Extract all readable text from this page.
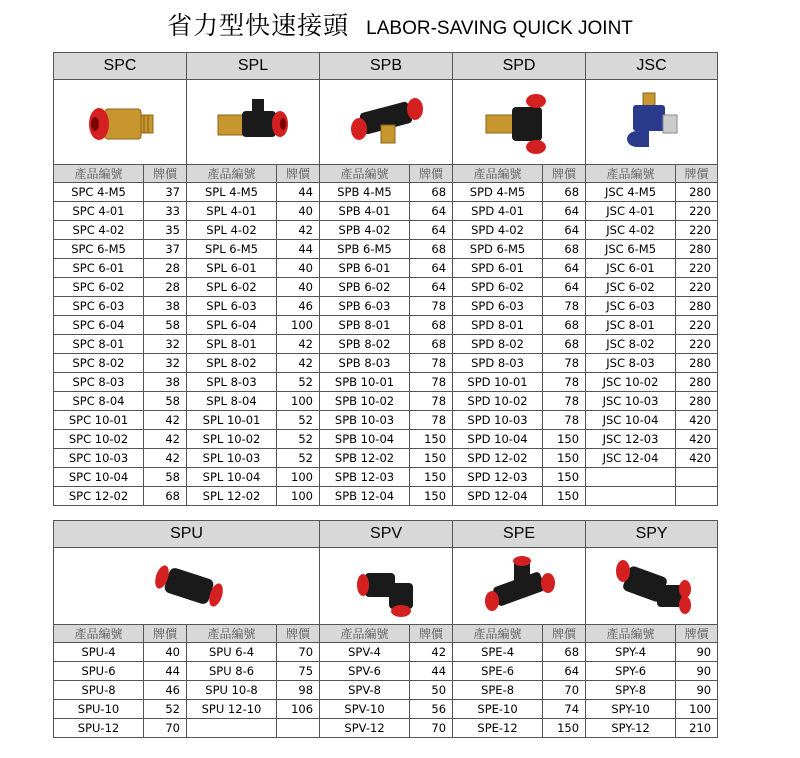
省力型快速接頭 LABOR-SAVING QUICK JOINT
SPC		SPL		SPB		SPD		JSC	

產品編號	牌價	產品編號	牌價	產品編號	牌價	產品編號	牌價	產品編號	牌價
SPC 4-M5	37	SPL 4-M5	44	SPB 4-M5	68	SPD 4-M5	68	JSC 4-M5	280
SPC 4-01	33	SPL 4-01	40	SPB 4-01	64	SPD 4-01	64	JSC 4-01	220
SPC 4-02	35	SPL 4-02	42	SPB 4-02	64	SPD 4-02	64	JSC 4-02	220
SPC 6-M5	37	SPL 6-M5	44	SPB 6-M5	68	SPD 6-M5	68	JSC 6-M5	280
SPC 6-01	28	SPL 6-01	40	SPB 6-01	64	SPD 6-01	64	JSC 6-01	220
SPC 6-02	28	SPL 6-02	40	SPB 6-02	64	SPD 6-02	64	JSC 6-02	220
SPC 6-03	38	SPL 6-03	46	SPB 6-03	78	SPD 6-03	78	JSC 6-03	280
SPC 6-04	58	SPL 6-04	100	SPB 8-01	68	SPD 8-01	68	JSC 8-01	220
SPC 8-01	32	SPL 8-01	42	SPB 8-02	68	SPD 8-02	68	JSC 8-02	220
SPC 8-02	32	SPL 8-02	42	SPB 8-03	78	SPD 8-03	78	JSC 8-03	280
SPC 8-03	38	SPL 8-03	52	SPB 10-01	78	SPD 10-01	78	JSC 10-02	280
SPC 8-04	58	SPL 8-04	100	SPB 10-02	78	SPD 10-02	78	JSC 10-03	280
SPC 10-01	42	SPL 10-01	52	SPB 10-03	78	SPD 10-03	78	JSC 10-04	420
SPC 10-02	42	SPL 10-02	52	SPB 10-04	150	SPD 10-04	150	JSC 12-03	420
SPC 10-03	42	SPL 10-03	52	SPB 12-02	150	SPD 12-02	150	JSC 12-04	420
SPC 10-04	58	SPL 10-04	100	SPB 12-03	150	SPD 12-03	150		
SPC 12-02	68	SPL 12-02	100	SPB 12-04	150	SPD 12-04	150		
SPU				SPV		SPE		SPY	

產品編號	牌價	產品編號	牌價	產品編號	牌價	產品編號	牌價	產品編號	牌價
SPU-4	40	SPU 6-4	70	SPV-4	42	SPE-4	68	SPY-4	90
SPU-6	44	SPU 8-6	75	SPV-6	44	SPE-6	64	SPY-6	90
SPU-8	46	SPU 10-8	98	SPV-8	50	SPE-8	70	SPY-8	90
SPU-10	52	SPU 12-10	106	SPV-10	56	SPE-10	74	SPY-10	100
SPU-12	70			SPV-12	70	SPE-12	150	SPY-12	210
